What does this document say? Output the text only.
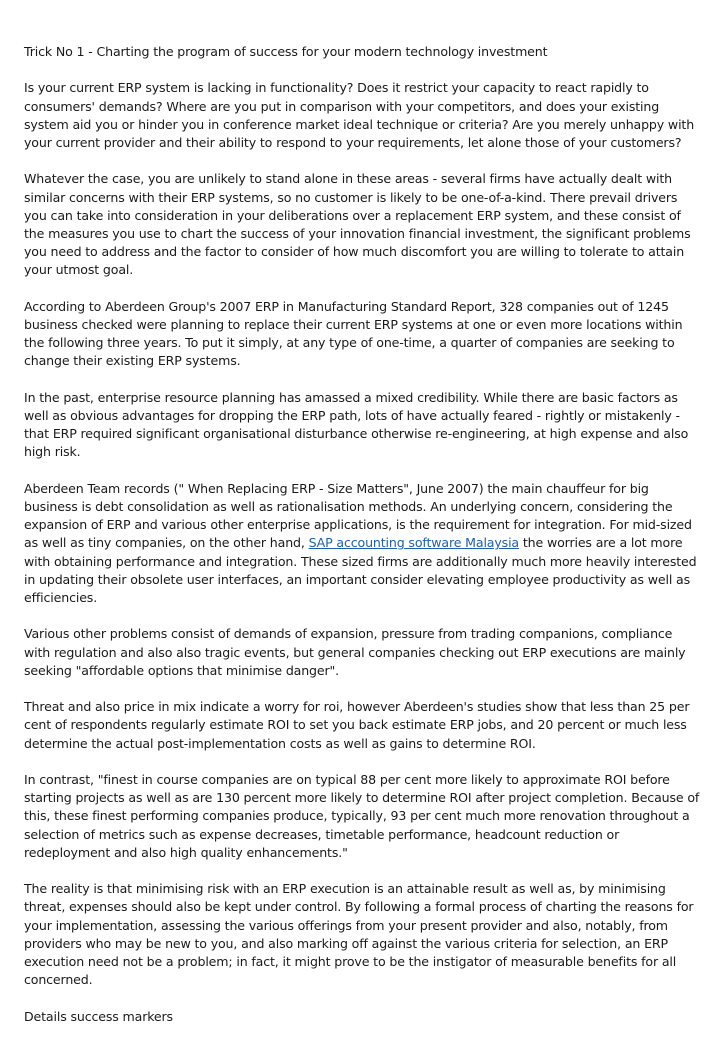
Trick No 1 - Charting the program of success for your modern technology investment

Is your current ERP system is lacking in functionality? Does it restrict your capacity to react rapidly to consumers' demands? Where are you put in comparison with your competitors, and does your existing system aid you or hinder you in conference market ideal technique or criteria? Are you merely unhappy with your current provider and their ability to respond to your requirements, let alone those of your customers?

Whatever the case, you are unlikely to stand alone in these areas - several firms have actually dealt with similar concerns with their ERP systems, so no customer is likely to be one-of-a-kind. There prevail drivers you can take into consideration in your deliberations over a replacement ERP system, and these consist of the measures you use to chart the success of your innovation financial investment, the significant problems you need to address and the factor to consider of how much discomfort you are willing to tolerate to attain your utmost goal.

According to Aberdeen Group's 2007 ERP in Manufacturing Standard Report, 328 companies out of 1245 business checked were planning to replace their current ERP systems at one or even more locations within the following three years. To put it simply, at any type of one-time, a quarter of companies are seeking to change their existing ERP systems.

In the past, enterprise resource planning has amassed a mixed credibility. While there are basic factors as well as obvious advantages for dropping the ERP path, lots of have actually feared - rightly or mistakenly - that ERP required significant organisational disturbance otherwise re-engineering, at high expense and also high risk.

Aberdeen Team records (" When Replacing ERP - Size Matters", June 2007) the main chauffeur for big business is debt consolidation as well as rationalisation methods. An underlying concern, considering the expansion of ERP and various other enterprise applications, is the requirement for integration. For mid-sized as well as tiny companies, on the other hand, SAP accounting software Malaysia the worries are a lot more with obtaining performance and integration. These sized firms are additionally much more heavily interested in updating their obsolete user interfaces, an important consider elevating employee productivity as well as efficiencies.

Various other problems consist of demands of expansion, pressure from trading companions, compliance with regulation and also also tragic events, but general companies checking out ERP executions are mainly seeking "affordable options that minimise danger".

Threat and also price in mix indicate a worry for roi, however Aberdeen's studies show that less than 25 per cent of respondents regularly estimate ROI to set you back estimate ERP jobs, and 20 percent or much less determine the actual post-implementation costs as well as gains to determine ROI.

In contrast, "finest in course companies are on typical 88 per cent more likely to approximate ROI before starting projects as well as are 130 percent more likely to determine ROI after project completion. Because of this, these finest performing companies produce, typically, 93 per cent much more renovation throughout a selection of metrics such as expense decreases, timetable performance, headcount reduction or redeployment and also high quality enhancements."

The reality is that minimising risk with an ERP execution is an attainable result as well as, by minimising threat, expenses should also be kept under control. By following a formal process of charting the reasons for your implementation, assessing the various offerings from your present provider and also, notably, from providers who may be new to you, and also marking off against the various criteria for selection, an ERP execution need not be a problem; in fact, it might prove to be the instigator of measurable benefits for all concerned.

Details success markers
